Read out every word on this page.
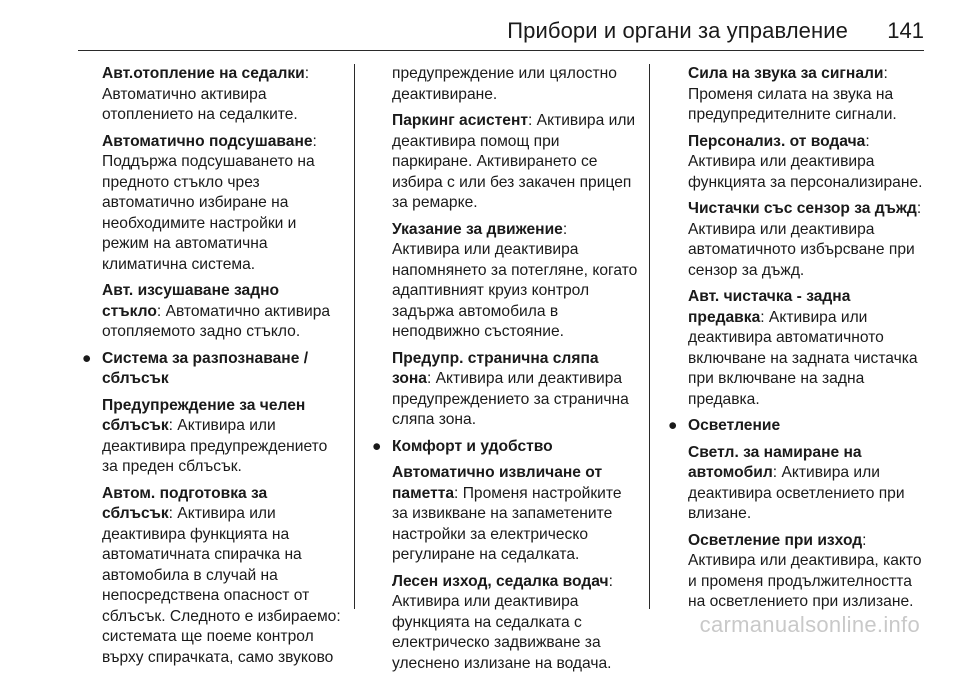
Прибори и органи за управление 141
Авт.отопление на седалки: Автоматично активира отоплението на седалките.
Автоматично подсушаване: Поддържа подсушаването на предното стъкло чрез автоматично избиране на необходимите настройки и режим на автоматична климатична система.
Авт. изсушаване задно стъкло: Автоматично активира отопляемото задно стъкло.
● Система за разпознаване / сблъсък
Предупреждение за челен сблъсък: Активира или деактивира предупреждението за преден сблъсък.
Автом. подготовка за сблъсък: Активира или деактивира функцията на автоматичната спирачка на автомобила в случай на непосредствена опасност от сблъсък. Следното е избираемо: системата ще поеме контрол върху спирачката, само звуково
предупреждение или цялостно деактивиране.
Паркинг асистент: Активира или деактивира помощ при паркиране. Активирането се избира с или без закачен прицеп за ремарке.
Указание за движение: Активира или деактивира напомнянето за потегляне, когато адаптивният круиз контрол задържа автомобила в неподвижно състояние.
Предупр. странична сляпа зона: Активира или деактивира предупреждението за странична сляпа зона.
● Комфорт и удобство
Автоматично извличане от паметта: Променя настройките за извикване на запаметените настройки за електрическо регулиране на седалката.
Лесен изход, седалка водач: Активира или деактивира функцията на седалката с електрическо задвижване за улеснено излизане на водача.
Сила на звука за сигнали: Променя силата на звука на предупредителните сигнали.
Персонализ. от водача: Активира или деактивира функцията за персонализиране.
Чистачки със сензор за дъжд: Активира или деактивира автоматичното избърсване при сензор за дъжд.
Авт. чистачка - задна предавка: Активира или деактивира автоматичното включване на задната чистачка при включване на задна предавка.
● Осветление
Светл. за намиране на автомобил: Активира или деактивира осветлението при влизане.
Осветление при изход: Активира или деактивира, както и променя продължителността на осветлението при излизане.
carmanualsonline.info
